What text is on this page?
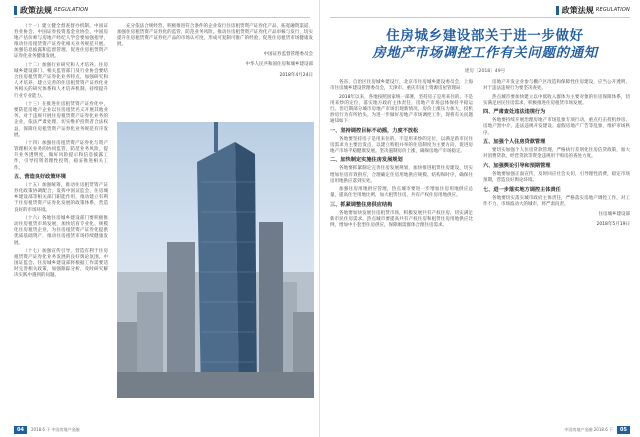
政策法规 REGULATION

（十一）建立健全督查督办机制。中国证券业协会、中国证券投资基金业协会、中国房地产估价师与房地产经纪人学会要加强指导，推动住房租赁资产证券化相关业务规范开展。加强信息披露和监督管理，促进住房租赁资产证券化业务健康发展。

（十二）加强行业研究和人才培养。住房城乡建设部门、相关监管部门及行业协会要结合住房租赁资产证券化业务特点，加强研究和人才培养，建立完善的住房租赁资产证券化业务相关的研究体系和人才培养机制，持续提升行业专业能力。

（十三）在推进住房租赁资产证券化中，要防范房地产企业以住房租赁名义开展其他业务。对于违规开展住房租赁资产证券化业务的企业，依法严肃处理，切实维护投资者合法权益，保障住房租赁资产证券化业务规范有序发展。

（十四）加强住房租赁资产证券化与资产管理相关业务的协同监管，防范业务风险，提升业务透明度，做好风险提示和信息披露工作，引导投资者理性投资，稳妥推进相关工作。

五、营造良好政策环境

（十五）加强统筹，推动住房租赁资产证券化政策协调配合，发挥中国证监会、住房城乡建设部等相关部门职能作用，推动建立有利于住房租赁资产证券化发展的政策体系，营造良好的市场环境。

（十六）各地住房城乡建设部门要积极推动住房租赁市场发展，加快培育专业化、规模化住房租赁企业，为住房租赁资产证券化提供优质基础资产，推动住房租赁市场持续健康发展。

（十七）加强宣传引导，营造有利于住房租赁资产证券化业务发展的良好舆论氛围。中国证监会、住房城乡建设部将根据工作需要适时完善相关政策，加强跟踪分析，及时研究解决实践中遇到的问题。

充分依法合规经营，积极推进符合条件的企业发行住房租赁资产证券化产品，拓宽融资渠道，加强住房租赁资产证券化的监管，防范业务风险。推动住房租赁资产证券化产品审核与发行，切实提升住房租赁资产证券化产品的市场认可度，形成可复制可推广的经验，促进住房租赁市场健康发展。

中国证券监督管理委员会

中华人民共和国住房和城乡建设部

2018年4月24日

04	2018.6 下 中国房地产金融
政策法规 REGULATION
住房城乡建设部关于进一步做好
房地产市场调控工作有关问题的通知
建房〔2018〕49号

各省、自治区住房城乡建设厅，北京市住房城乡建设委员会，上海市住房城乡建设管理委员会，天津市、重庆市国土资源房屋管理局：

2018年以来，各地按照国家统一部署，坚持房子是用来住的、不是用来炒的定位，落实地方政府主体责任，房地产市场总体保持平稳运行。但近期部分城市房地产市场出现新情况，房价上涨压力加大，投机炒房行为有所抬头。为进一步做好房地产市场调控工作，现将有关问题通知如下：

一、坚持调控目标不动摇，力度不放松

各地要坚持房子是用来住的、不是用来炒的定位，以满足新市民住房需求为主要出发点，以建立购租并举的住房制度为主要方向，促进房地产市场平稳健康发展。坚决遏制房价上涨，确保房地产市场稳定。

二、加快制定实施住房发展规划

各地要抓紧制定完善住房发展规划，加快推进租赁住房建设，切实增加住房有效供应，合理确定住房用地供应规模、结构和时序，确保住房用地供应落到实处。

加强住房用地供应管理，热点城市要进一步增加住房用地供应总量，提高住宅用地比例，加大租赁住房、共有产权住房用地供应。

三、抓紧调整住房供应结构

各地要加快发展住房租赁市场，积极发展共有产权住房，切实满足新市民住房需求。热点城市要提高共有产权住房和租赁住房用地供应比例，增加中小套型住房供应，保障刚需群体合理住房需求。

房地产开发企业参与棚户区改造和保障性住房建设，应当公开透明，对于违法违规行为要坚决查处。

热点城市要加快建立以中低收入群体为主要对象的住房保障体系，切实满足居民住房需求，积极推进住房租赁市场发展。

四、严肃查处违法违规行为

各地要持续开展治理房地产市场乱象专项行动，重点打击投机炒房、房地产黑中介、违法违规开发建设、虚假房地产广告等乱象，维护市场秩序。

五、加强个人住房贷款管理

要切实加强个人住房贷款管理，严格执行差别化住房信贷政策，加大对消费贷款、经营贷款等资金违规用于购房的查处力度。

六、加强舆论引导和预期管理

各地要加强正面宣传，及时回应社会关切，引导理性消费，稳定市场预期，营造良好舆论环境。

七、进一步落实地方调控主体责任

各地要切实落实城市政府主体责任，严格落实房地产调控工作，对工作不力、市场波动大的城市，将严肃问责。

住房城乡建设部

2018年5月19日

中国房地产金融 2018.6 下	05
